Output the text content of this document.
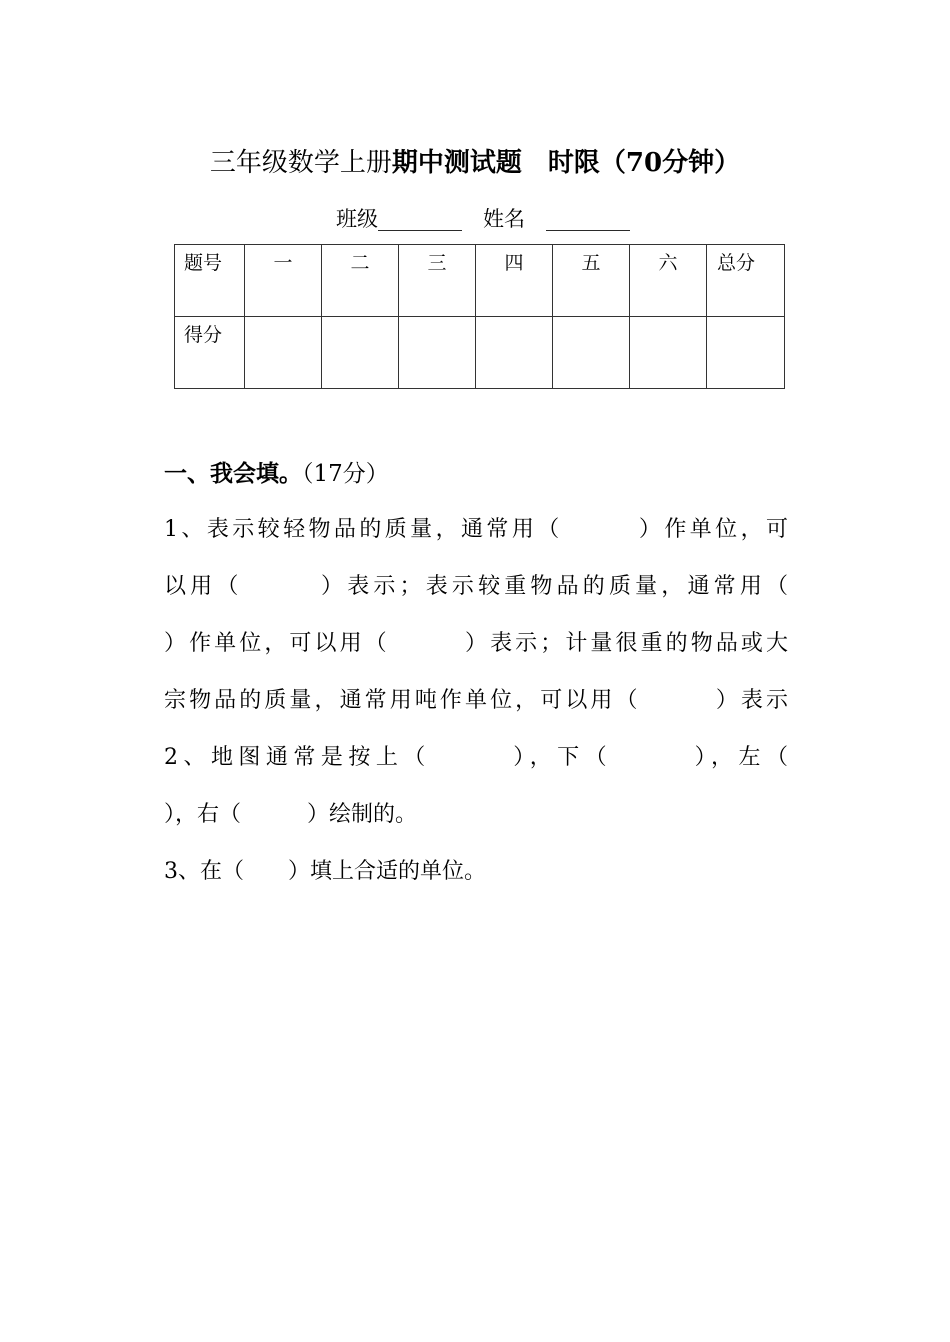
三年级数学上册期中测试题　时限（70分钟）
班级________　姓名　________
题号	一	二	三	四	五	六	总分
得分							
一、我会填。（17分）
1、表示较轻物品的质量，通常用（　　　）作单位，可
以用（　　　）表示；表示较重物品的质量，通常用（
）作单位，可以用（　　　）表示；计量很重的物品或大
宗物品的质量，通常用吨作单位，可以用（　　　）表示
2、地图通常是按上（　　　），下（　　　），左（
），右（　　　）绘制的。
3、在（　　）填上合适的单位。
